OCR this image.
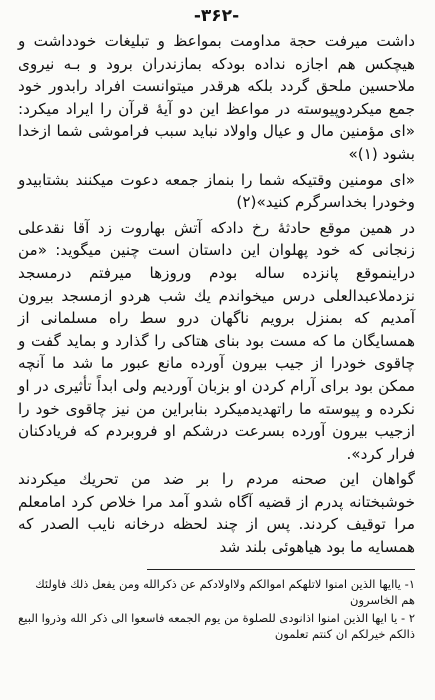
-۳۶۲-

داشت میرفت حجة مداومت بمواعظ و تبلیغات خودداشت و هیچکس هم اجازه نداده بودکه بمازندران برود و بـه نیروی ملاحسین ملحق گردد بلکه هرقدر میتوانست افراد رابدور خود جمع میکردوپیوسته در مواعظ این دو آیهٔ قرآن را ایراد میکرد: «ای مؤمنین مال و عیال واولاد نباید سبب فراموشی شما ازخدا بشود (۱)»

«ای مومنین وقتیکه شما را بنماز جمعه دعوت میکنند بشتابیدو وخودرا بخداسرگرم کنید»(۲)

در همین موقع حادثهٔ رخ دادکه آتش بهاروت زد آقا نقدعلی زنجانی که خود پهلوان این داستان است چنین میگوید: «من دراینموقع پانزده ساله بودم وروزها میرفتم درمسجد نزدملاعبدالعلی درس میخواندم یك شب هردو ازمسجد بیرون آمدیم که بمنزل برویم ناگهان درو سط راه مسلمانی از همسایگان ما که مست بود بنای هتاکی را گذارد و بماید گفت و چاقوی خودرا از جیب بیرون آورده مانع عبور ما شد ما آنچه ممکن بود برای آرام کردن او بزبان آوردیم ولی ابداً تأثیری در او نکرده و پیوسته ما راتهدیدمیکرد بنابراین من نیز چاقوی خود را ازجیب بیرون آورده بسرعت درشکم او فروبردم که فریادکنان فرار کرد».

گواهان این صحنه مردم را بر ضد من تحریك میکردند خوشبختانه پدرم از قضیه آگاه شدو آمد مرا خلاص کرد امامعلم مرا توقیف کردند. پس از چند لحظه درخانه نایب الصدر که همسایه ما بود هیاهوئی بلند شد

۱- یاایها الذین امنوا لاتلهکم اموالکم ولااولادکم عن ذکرالله ومن یفعل ذلك فاولئك هم الخاسرون

۲ - یا ایها الذین امنوا اذانودی للصلوة من یوم الجمعه فاسعوا الی ذکر الله وذروا البیع ذالکم خیرلکم ان کنتم تعلمون
